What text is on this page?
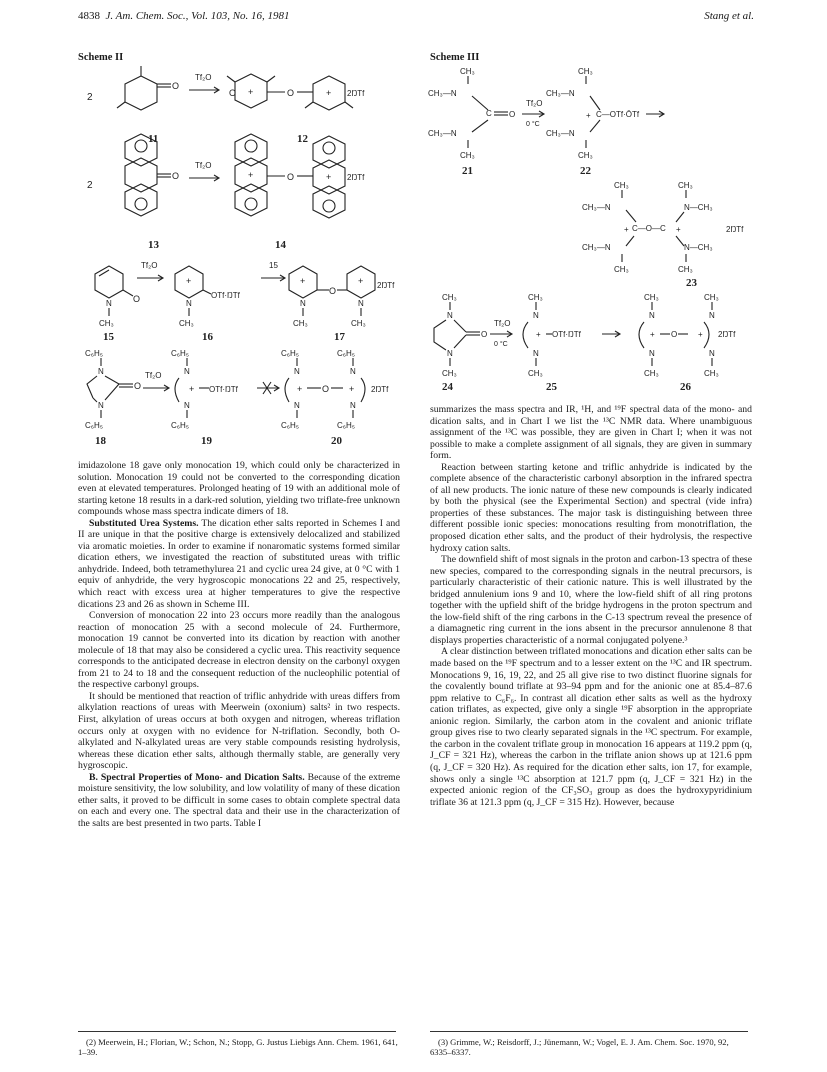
4838 J. Am. Chem. Soc., Vol. 103, No. 16, 1981	Stang et al.
Scheme II
2
O
Tf₂O
O +	O	+ 2ŊTf
11	12
2
O
Tf₂O
+	O	+ 2ŊTf
13	14
O
N
CH₃
Tf₂O
+
OTf·ŊTf
N
CH₃
15
+
O
+ 2ŊTf
N
CH₃
N
CH₃
15	16	17
C₆H₅
N
O
N
C₆H₅
Tf₂O
C₆H₅
N
+ OTf·ŊTf
N
C₆H₅
C₆H₅
N
+ O
C₆H₅
N
+ 2ŊTf
N
C₆H₅
N
C₆H₅
18	19	20
Scheme III
CH₃
CH₃—N
C O
CH₃—N
CH₃
Tf₂O
0 °C
CH₃
CH₃—N
+ C—OTf·ŌTf
CH₃—N
CH₃
21	22
CH₃
CH₃—N
+ C—O—C +
CH₃—N
CH₃
CH₃
N—CH₃
N—CH₃
CH₃
2ŊTf
23
CH₃
N
O
N
CH₃
Tf₂O
0 °C
CH₃
N
+ OTf·ŊTf
N
CH₃
CH₃
N
+ O	+
CH₃
N
2ŊTf
N
CH₃
N
CH₃
24	25	26

imidazolone 18 gave only monocation 19, which could only be characterized in solution. Monocation 19 could not be converted to the corresponding dication even at elevated temperatures. Prolonged heating of 19 with an additional mole of starting ketone 18 results in a dark-red solution, yielding two triflate-free unknown compounds whose mass spectra indicate dimers of 18.

Substituted Urea Systems. The dication ether salts reported in Schemes I and II are unique in that the positive charge is extensively delocalized and stabilized via aromatic moieties. In order to examine if nonaromatic systems formed similar dication ethers, we investigated the reaction of substituted ureas with triflic anhydride. Indeed, both tetramethylurea 21 and cyclic urea 24 give, at 0 °C with 1 equiv of anhydride, the very hygroscopic monocations 22 and 25, respectively, which react with excess urea at higher temperatures to give the respective dications 23 and 26 as shown in Scheme III.

Conversion of monocation 22 into 23 occurs more readily than the analogous reaction of monocation 25 with a second molecule of 24. Furthermore, monocation 19 cannot be converted into its dication by reaction with another molecule of 18 that may also be considered a cyclic urea. This reactivity sequence corresponds to the anticipated decrease in electron density on the carbonyl oxygen from 21 to 24 to 18 and the consequent reduction of the nucleophilic potential of the respective carbonyl groups.

It should be mentioned that reaction of triflic anhydride with ureas differs from alkylation reactions of ureas with Meerwein (oxonium) salts² in two respects. First, alkylation of ureas occurs at both oxygen and nitrogen, whereas triflation occurs only at oxygen with no evidence for N-triflation. Secondly, both O-alkylated and N-alkylated ureas are very stable compounds resisting hydrolysis, whereas these dication ether salts, although thermally stable, are generally very hygroscopic.

B. Spectral Properties of Mono- and Dication Salts. Because of the extreme moisture sensitivity, the low solubility, and low volatility of many of these dication ether salts, it proved to be difficult in some cases to obtain complete spectral data on each and every one. The spectral data and their use in the characterization of the salts are best presented in two parts. Table I

summarizes the mass spectra and IR, ¹H, and ¹⁹F spectral data of the mono- and dication salts, and in Chart I we list the ¹³C NMR data. Where unambiguous assignment of the ¹³C was possible, they are given in Chart I; when it was not possible to make a complete assignment of all signals, they are given in summary form.

Reaction between starting ketone and triflic anhydride is indicated by the complete absence of the characteristic carbonyl absorption in the infrared spectra of all new products. The ionic nature of these new compounds is clearly indicated by both the physical (see the Experimental Section) and spectral (vide infra) properties of these substances. The major task is distinguishing between three different possible ionic species: monocations resulting from monotriflation, the proposed dication ether salts, and the product of their hydrolysis, the respective hydroxy cation salts.

The downfield shift of most signals in the proton and carbon-13 spectra of these new species, compared to the corresponding signals in the neutral precursors, is particularly characteristic of their cationic nature. This is well illustrated by the bridged annulenium ions 9 and 10, where the low-field shift of all ring protons together with the upfield shift of the bridge hydrogens in the proton spectrum and the low-field shift of the ring carbons in the C-13 spectrum reveal the presence of a diamagnetic ring current in the ions absent in the precursor annulenone 8 that displays properties characteristic of a normal conjugated polyene.³

A clear distinction between triflated monocations and dication ether salts can be made based on the ¹⁹F spectrum and to a lesser extent on the ¹³C and IR spectrum. Monocations 9, 16, 19, 22, and 25 all give rise to two distinct fluorine signals for the covalently bound triflate at 93–94 ppm and for the anionic one at 85.4–87.6 ppm relative to C₆F₆. In contrast all dication ether salts as well as the hydroxy cation triflates, as expected, give only a single ¹⁹F absorption in the appropriate anionic region. Similarly, the carbon atom in the covalent and anionic triflate group gives rise to two clearly separated signals in the ¹³C spectrum. For example, the carbon in the covalent triflate group in monocation 16 appears at 119.2 ppm (q, J_CF = 321 Hz), whereas the carbon in the triflate anion shows up at 121.6 ppm (q, J_CF = 320 Hz). As required for the dication ether salts, ion 17, for example, shows only a single ¹³C absorption at 121.7 ppm (q, J_CF = 321 Hz) in the expected anionic region of the CF₃SO₃ group as does the hydroxypyridinium triflate 36 at 121.3 ppm (q, J_CF = 315 Hz). However, because

(2) Meerwein, H.; Florian, W.; Schon, N.; Stopp, G. Justus Liebigs Ann. Chem. 1961, 641, 1–39.

(3) Grimme, W.; Reisdorff, J.; Jünemann, W.; Vogel, E. J. Am. Chem. Soc. 1970, 92, 6335–6337.
